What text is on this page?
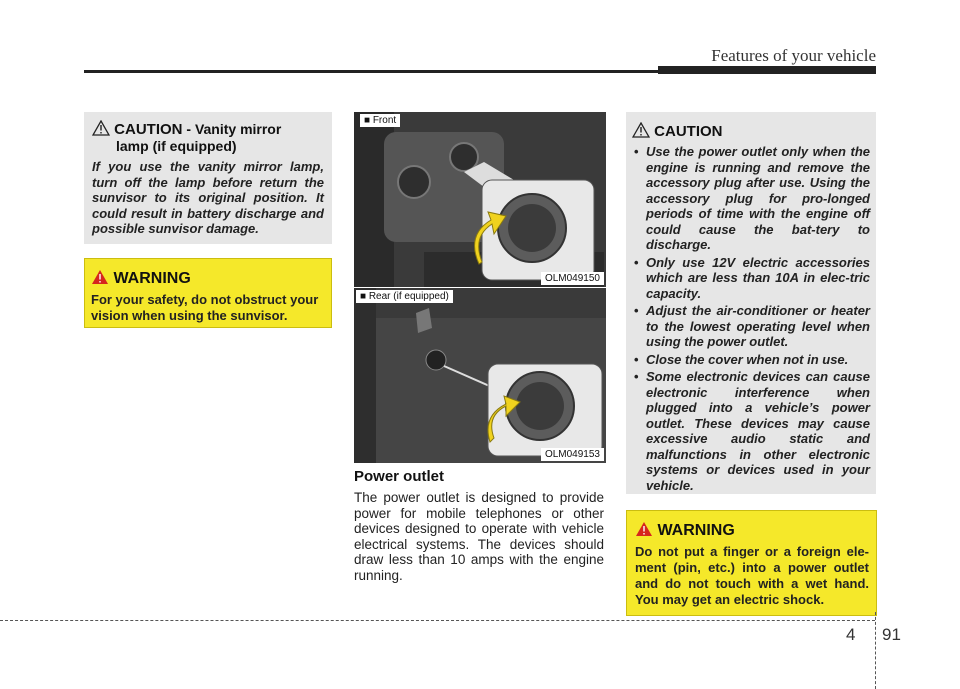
Features of your vehicle
CAUTION - Vanity mirror
lamp (if equipped)
If you use the vanity mirror lamp, turn off the lamp before return the sunvisor to its original position. It could result in battery discharge and possible sunvisor damage.
WARNING
For your safety, do not obstruct your vision when using the sunvisor.
■ Front
OLM049150
■ Rear (if equipped)
OLM049153
Power outlet
The power outlet is designed to provide power for mobile telephones or other devices designed to operate with vehicle electrical systems. The devices should draw less than 10 amps with the engine running.
CAUTION
• Use the power outlet only when the engine is running and remove the accessory plug after use. Using the accessory plug for pro-longed periods of time with the engine off could cause the bat-tery to discharge.
• Only use 12V electric accessories which are less than 10A in elec-tric capacity.
• Adjust the air-conditioner or heater to the lowest operating level when using the power outlet.
• Close the cover when not in use.
• Some electronic devices can cause electronic interference when plugged into a vehicle’s power outlet. These devices may cause excessive audio static and malfunctions in other electronic systems or devices used in your vehicle.
WARNING
Do not put a finger or a foreign ele-ment (pin, etc.) into a power outlet and do not touch with a wet hand. You may get an electric shock.
4 91
